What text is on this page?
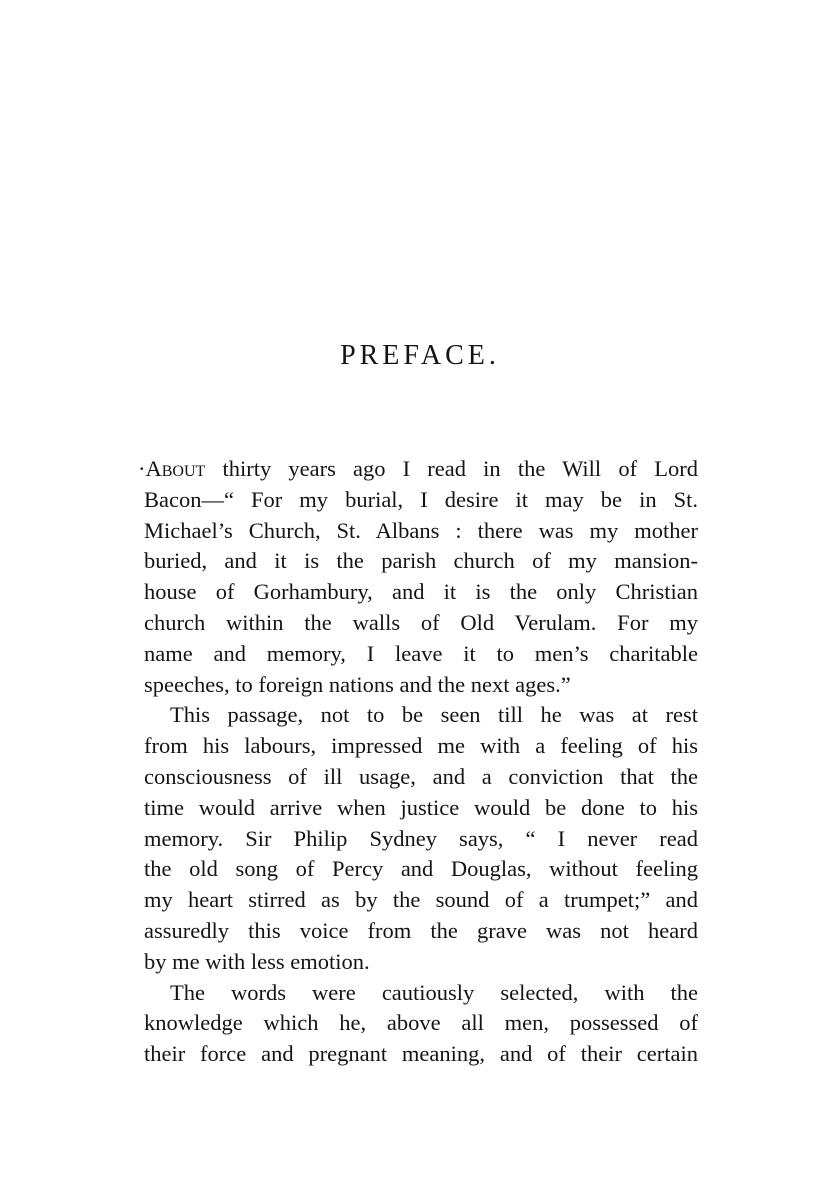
PREFACE.
·About thirty years ago I read in the Will of Lord
Bacon—“ For my burial, I desire it may be in St.
Michael’s Church, St. Albans : there was my mother
buried, and it is the parish church of my mansion-
house of Gorhambury, and it is the only Christian
church within the walls of Old Verulam. For my
name and memory, I leave it to men’s charitable
speeches, to foreign nations and the next ages.”
This passage, not to be seen till he was at rest
from his labours, impressed me with a feeling of his
consciousness of ill usage, and a conviction that the
time would arrive when justice would be done to his
memory. Sir Philip Sydney says, “ I never read
the old song of Percy and Douglas, without feeling
my heart stirred as by the sound of a trumpet;” and
assuredly this voice from the grave was not heard
by me with less emotion.
The words were cautiously selected, with the
knowledge which he, above all men, possessed of
their force and pregnant meaning, and of their certain
